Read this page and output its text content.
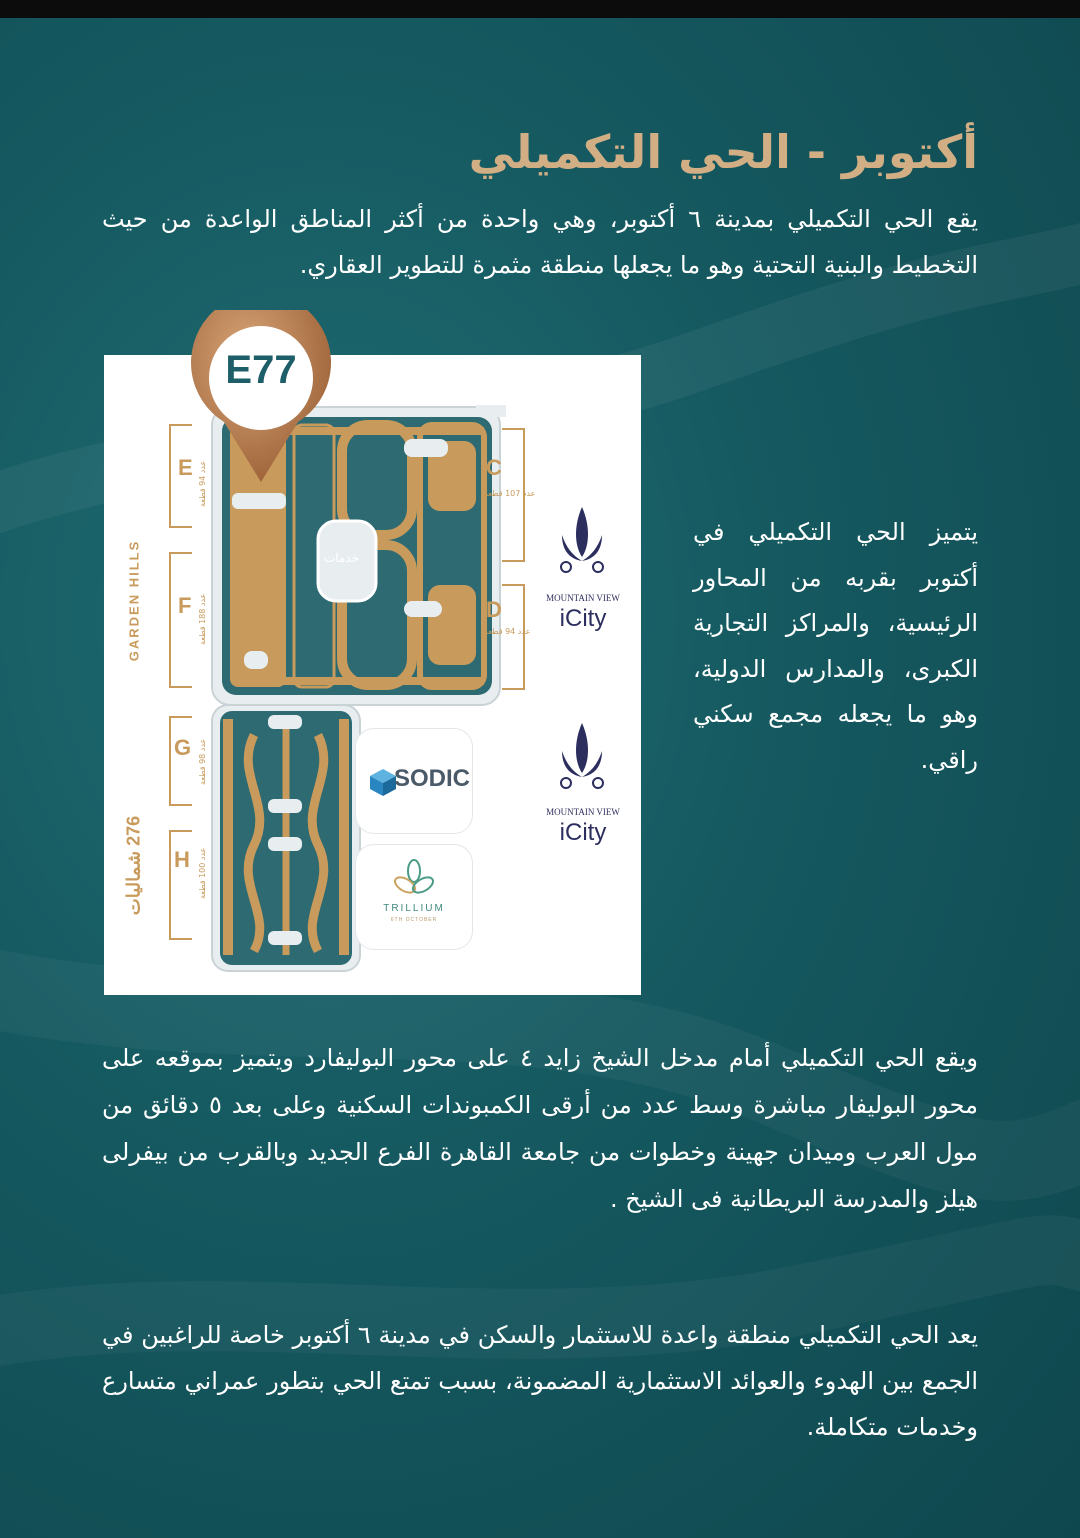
أكتوبر - الحي التكميلي
يقع الحي التكميلي بمدينة ٦ أكتوبر، وهي واحدة من أكثر المناطق الواعدة من حيث التخطيط والبنية التحتية وهو ما يجعلها منطقة مثمرة للتطوير العقاري.
E77
E
عدد 94 قطعة
F
عدد 188 قطعة
G
عدد 98 قطعة
H
عدد 100 قطعة
C
عدد 107 قطعة
D
عدد 94 قطعة
خدمات
GARDEN HILLS
276 شماليات
SODIC
TRILLIUM
6TH OCTOBER
MOUNTAIN VIEW
iCity
MOUNTAIN VIEW
iCity
يتميز الحي التكميلي في أكتوبر بقربه من المحاور الرئيسية، والمراكز التجارية الكبرى، والمدارس الدولية، وهو ما يجعله مجمع سكني راقي.
ويقع الحي التكميلي أمام مدخل الشيخ زايد ٤ على محور البوليفارد ويتميز بموقعه على محور البوليفار مباشرة وسط عدد من أرقى الكمبوندات السكنية وعلى بعد ٥ دقائق من مول العرب وميدان جهينة وخطوات من جامعة القاهرة الفرع الجديد وبالقرب من بيفرلى هيلز والمدرسة البريطانية فى الشيخ .
يعد الحي التكميلي منطقة واعدة للاستثمار والسكن في مدينة ٦ أكتوبر خاصة للراغبين في الجمع بين الهدوء والعوائد الاستثمارية المضمونة، بسبب تمتع الحي بتطور عمراني متسارع وخدمات متكاملة.
